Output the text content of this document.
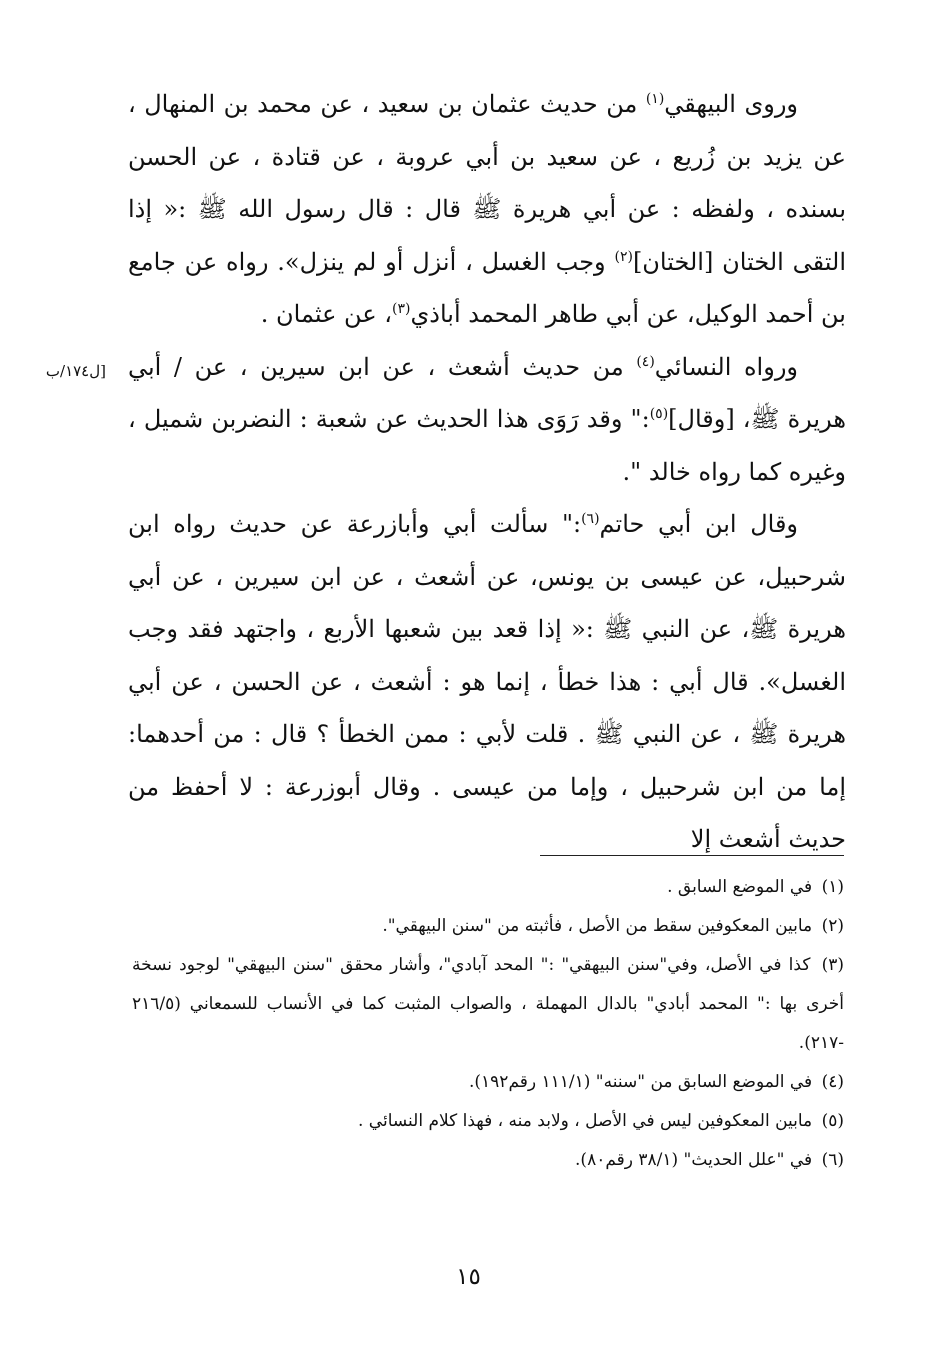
وروى البيهقي$^{(١)}$ من حديث عثمان بن سعيد ، عن محمد بن المنهال ، عن يزيد بن زُريع ، عن سعيد بن أبي عروبة ، عن قتادة ، عن الحسن بسنده ، ولفظه : عن أبي هريرة ﷺ قال : قال رسول الله ﷺ :« إذا التقى الختان [الختان]$^{(٢)}$ وجب الغسل ، أنزل أو لم ينزل». رواه عن جامع بن أحمد الوكيل، عن أبي طاهر المحمد أباذي$^{(٣)}$، عن عثمان .

ورواه النسائي$^{(٤)}$ من حديث أشعث ، عن ابن سيرين ، عن / أبي هريرة ﷺ، [وقال]$^{(٥)}$:" وقد رَوَى هذا الحديث عن شعبة : النضربن شميل ، وغيره كما رواه خالد ".

وقال ابن أبي حاتم$^{(٦)}$:" سألت أبي وأبازرعة عن حديث رواه ابن شرحبيل، عن عيسى بن يونس، عن أشعث ، عن ابن سيرين ، عن أبي هريرة ﷺ، عن النبي ﷺ :« إذا قعد بين شعبها الأربع ، واجتهد فقد وجب الغسل». قال أبي : هذا خطأ ، إنما هو : أشعث ، عن الحسن ، عن أبي هريرة ﷺ ، عن النبي ﷺ . قلت لأبي : ممن الخطأ ؟ قال : من أحدهما: إما من ابن شرحبيل ، وإما من عيسى . وقال أبوزرعة : لا أحفظ من حديث أشعث إلا

[ل١٧٤/ب

(١) في الموضع السابق .

(٢) مابين المعكوفين سقط من الأصل ، فأثبته من "سنن البيهقي".

(٣) كذا في الأصل، وفي"سنن البيهقي" :" المحد آبادي"، وأشار محقق "سنن البيهقي" لوجود نسخة أخرى بها :" المحمد أبادي" بالدال المهملة ، والصواب المثبت كما في الأنساب للسمعاني (٢١٦/٥ -٢١٧).

(٤) في الموضع السابق من "سننه" (١١١/١ رقم١٩٢).

(٥) مابين المعكوفين ليس في الأصل ، ولابد منه ، فهذا كلام النسائي .

(٦) في "علل الحديث" (٣٨/١ رقم٨٠).

١٥
